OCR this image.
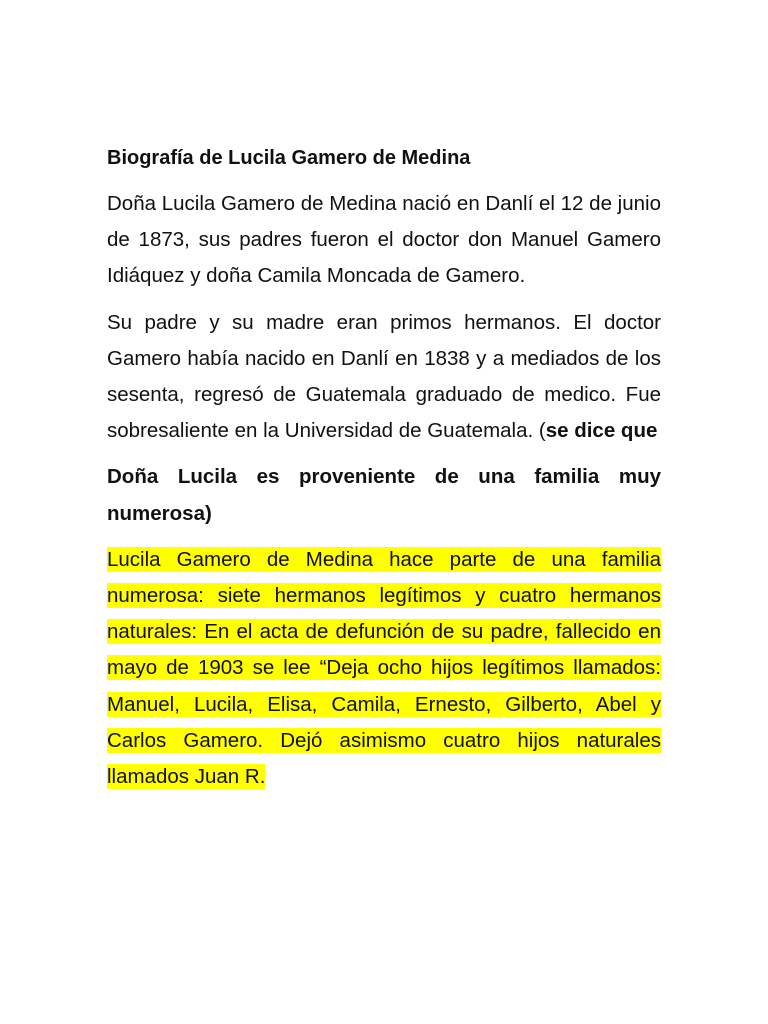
Biografía de Lucila Gamero de Medina

Doña Lucila Gamero de Medina nació en Danlí el 12 de junio de 1873, sus padres fueron el doctor don Manuel Gamero Idiáquez y doña Camila Moncada de Gamero.

Su padre y su madre eran primos hermanos. El doctor Gamero había nacido en Danlí en 1838 y a mediados de los sesenta, regresó de Guatemala graduado de medico. Fue sobresaliente en la Universidad de Guatemala. (se dice que

Doña Lucila es proveniente de una familia muy numerosa)

Lucila Gamero de Medina hace parte de una familia numerosa: siete hermanos legítimos y cuatro hermanos naturales: En el acta de defunción de su padre, fallecido en mayo de 1903 se lee “Deja ocho hijos legítimos llamados: Manuel, Lucila, Elisa, Camila, Ernesto, Gilberto, Abel y Carlos Gamero. Dejó asimismo cuatro hijos naturales llamados Juan R.
